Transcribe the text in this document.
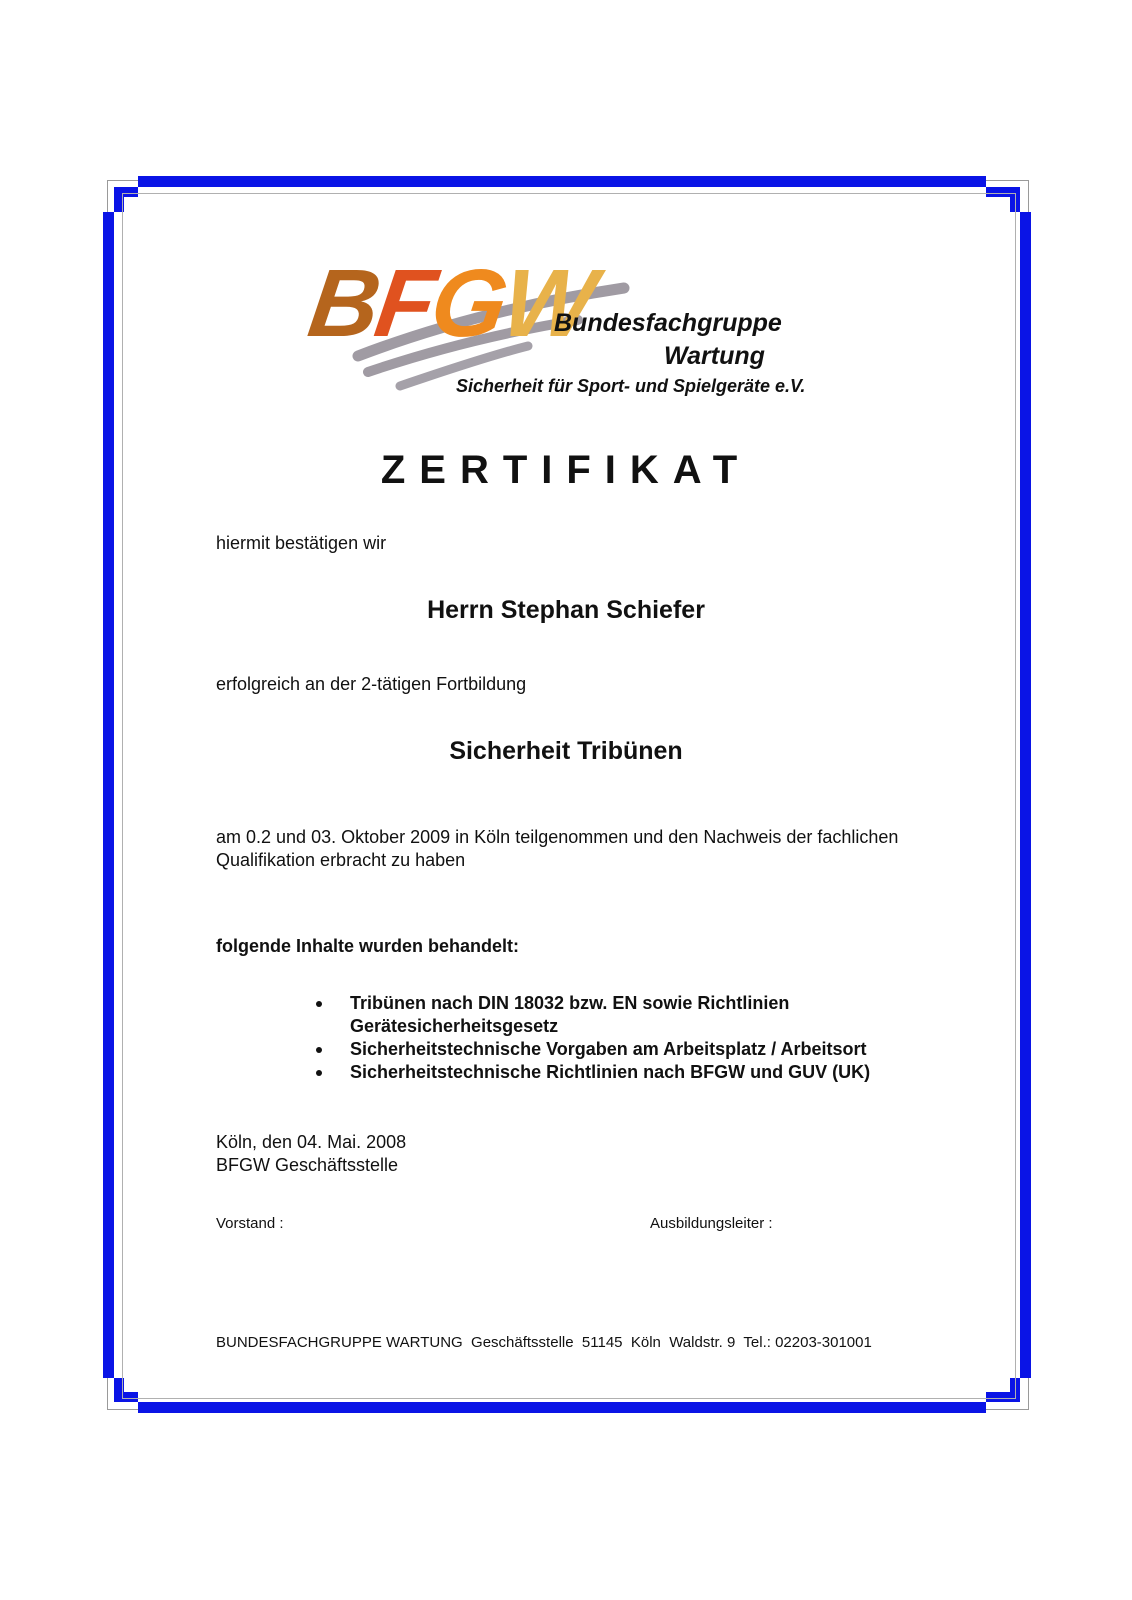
BFGW
Bundesfachgruppe
Wartung
Sicherheit für Sport- und Spielgeräte e.V.
ZERTIFIKAT
hiermit bestätigen wir
Herrn Stephan Schiefer
erfolgreich an der 2-tätigen Fortbildung
Sicherheit Tribünen
am 0.2 und 03. Oktober 2009 in Köln teilgenommen und den Nachweis der fachlichen
Qualifikation erbracht zu haben
folgende Inhalte wurden behandelt:
Tribünen nach DIN 18032 bzw. EN sowie Richtlinien Gerätesicherheitsgesetz
Sicherheitstechnische Vorgaben am Arbeitsplatz / Arbeitsort
Sicherheitstechnische Richtlinien nach BFGW und GUV (UK)
Köln, den 04. Mai. 2008
BFGW Geschäftsstelle
Vorstand :	Ausbildungsleiter :
BUNDESFACHGRUPPE WARTUNG  Geschäftsstelle  51145  Köln  Waldstr. 9  Tel.: 02203-301001
